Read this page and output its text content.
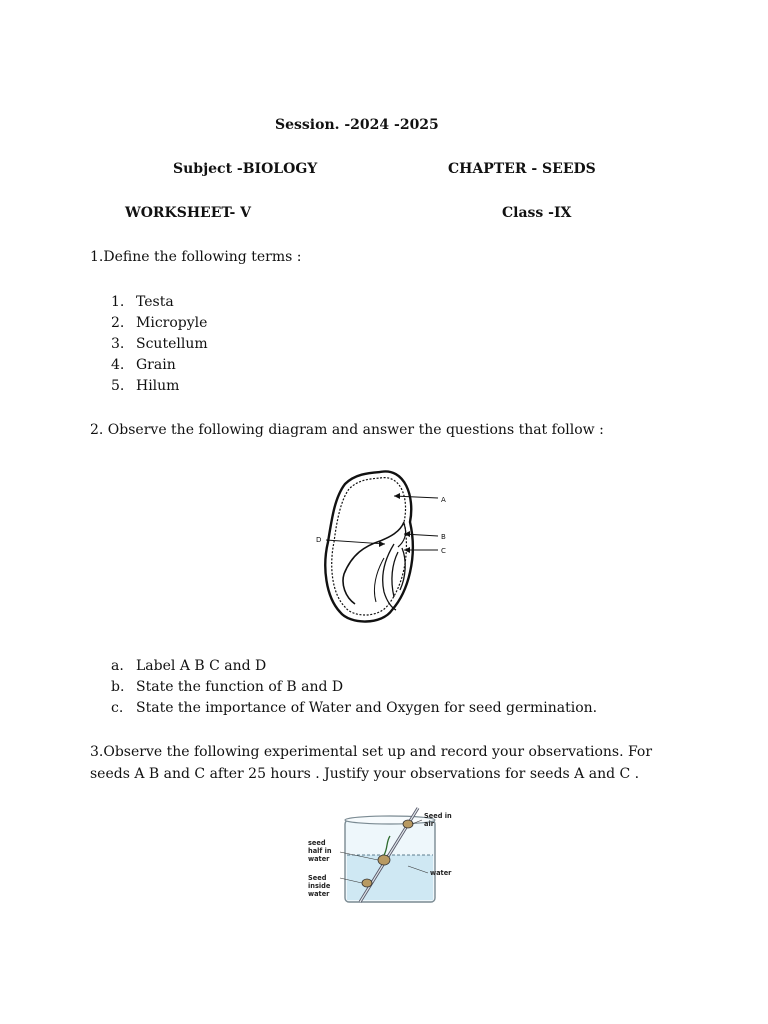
Session. -2024 -2025
Subject -BIOLOGY	CHAPTER - SEEDS
WORKSHEET- V	Class -IX
1.Define the following terms :
1. Testa
2. Micropyle
3. Scutellum
4. Grain
5. Hilum
2. Observe the following diagram and answer the questions that follow :
A
B
C
D
a. Label A B C and D
b. State the function of B and D
c. State the importance of Water and Oxygen for seed germination.
3.Observe the following experimental set up and record your observations. For
seeds A B and C after 25 hours . Justify your observations for seeds A and C .
Seed in
air
seed
half in
water
water
Seed
inside
water
